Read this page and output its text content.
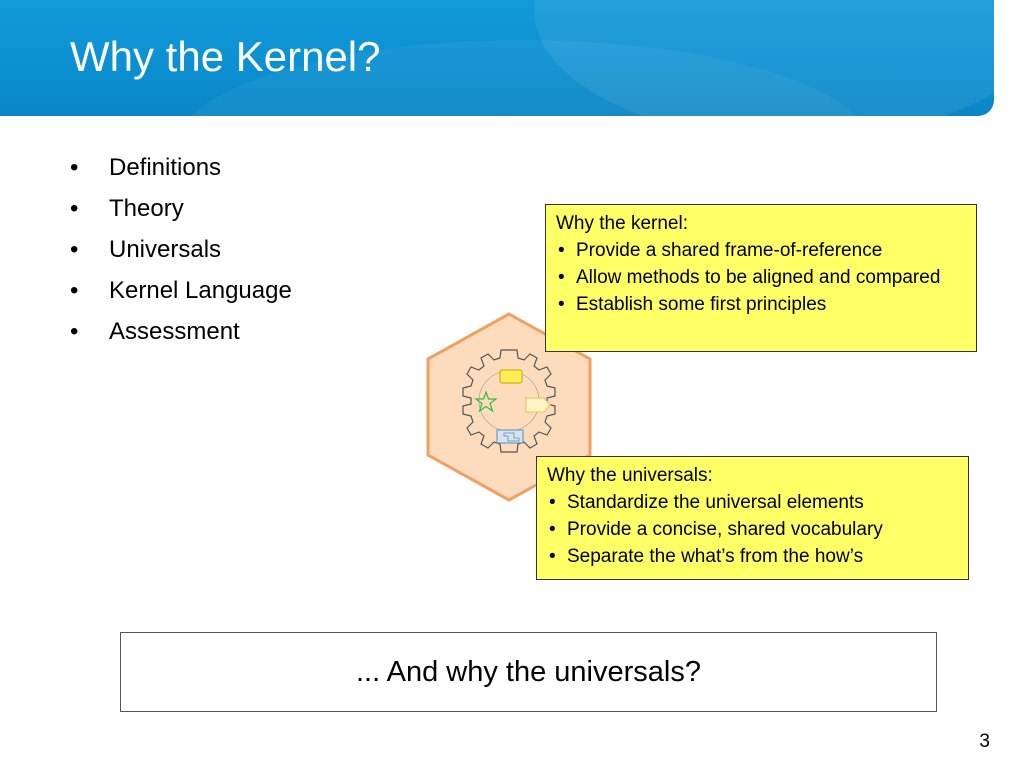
Why the Kernel?
• Definitions
• Theory
• Universals
• Kernel Language
• Assessment
Why the kernel:
• Provide a shared frame-of-reference
• Allow methods to be aligned and compared
• Establish some first principles
Why the universals:
• Standardize the universal elements
• Provide a concise, shared vocabulary
• Separate the what’s from the how’s
... And why the universals?
3
